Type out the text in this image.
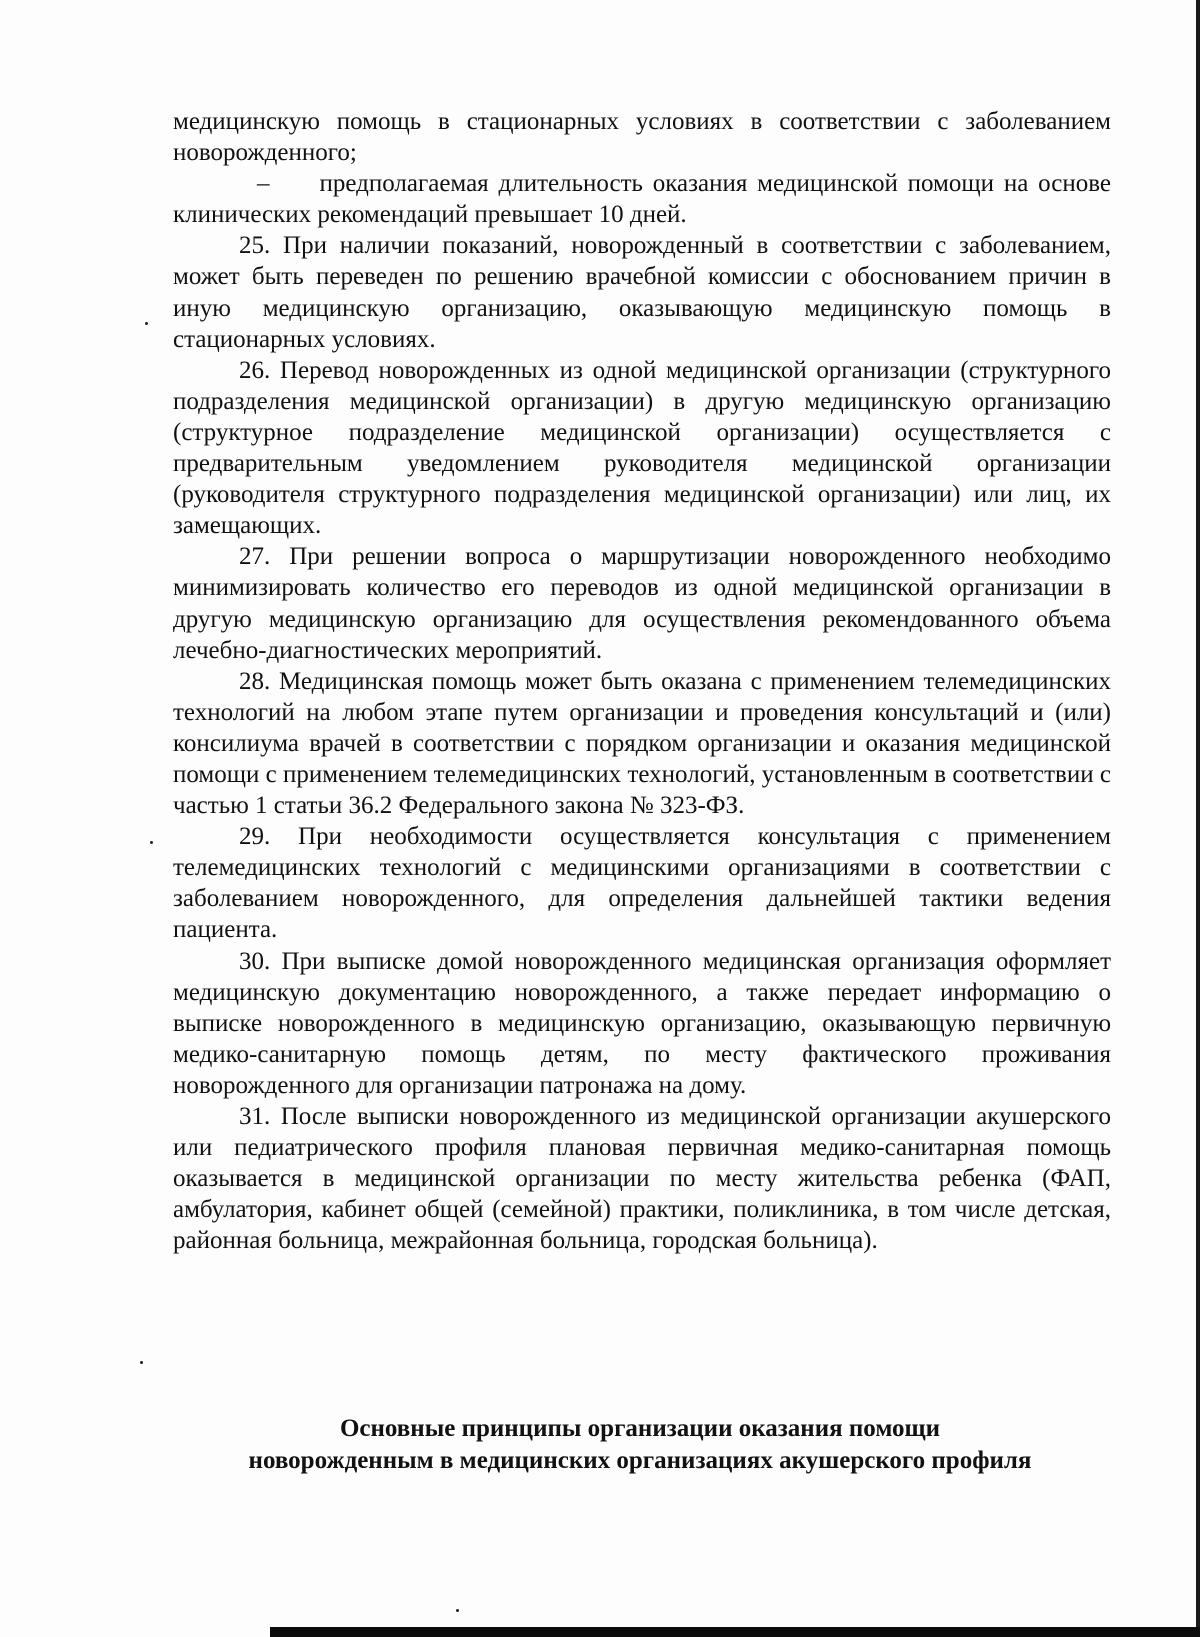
медицинскую помощь в стационарных условиях в соответствии с заболеванием новорожденного;

–  предполагаемая длительность оказания медицинской помощи на основе клинических рекомендаций превышает 10 дней.

25. При наличии показаний, новорожденный в соответствии с заболеванием, может быть переведен по решению врачебной комиссии с обоснованием причин в иную медицинскую организацию, оказывающую медицинскую помощь в стационарных условиях.

26. Перевод новорожденных из одной медицинской организации (структурного подразделения медицинской организации) в другую медицинскую организацию (структурное подразделение медицинской организации) осуществляется с предварительным уведомлением руководителя медицинской организации (руководителя структурного подразделения медицинской организации) или лиц, их замещающих.

27. При решении вопроса о маршрутизации новорожденного необходимо минимизировать количество его переводов из одной медицинской организации в другую медицинскую организацию для осуществления рекомендованного объема лечебно-диагностических мероприятий.

28. Медицинская помощь может быть оказана с применением телемедицинских технологий на любом этапе путем организации и проведения консультаций и (или) консилиума врачей в соответствии с порядком организации и оказания медицинской помощи с применением телемедицинских технологий, установленным в соответствии с частью 1 статьи 36.2 Федерального закона № 323-ФЗ.

29. При необходимости осуществляется консультация с применением телемедицинских технологий с медицинскими организациями в соответствии с заболеванием новорожденного, для определения дальнейшей тактики ведения пациента.

30. При выписке домой новорожденного медицинская организация оформляет медицинскую документацию новорожденного, а также передает информацию о выписке новорожденного в медицинскую организацию, оказывающую первичную медико-санитарную помощь детям, по месту фактического проживания новорожденного для организации патронажа на дому.

31. После выписки новорожденного из медицинской организации акушерского или педиатрического профиля плановая первичная медико-санитарная помощь оказывается в медицинской организации по месту жительства ребенка (ФАП, амбулатория, кабинет общей (семейной) практики, поликлиника, в том числе детская, районная больница, межрайонная больница, городская больница).

Основные принципы организации оказания помощи
новорожденным в медицинских организациях акушерского профиля
